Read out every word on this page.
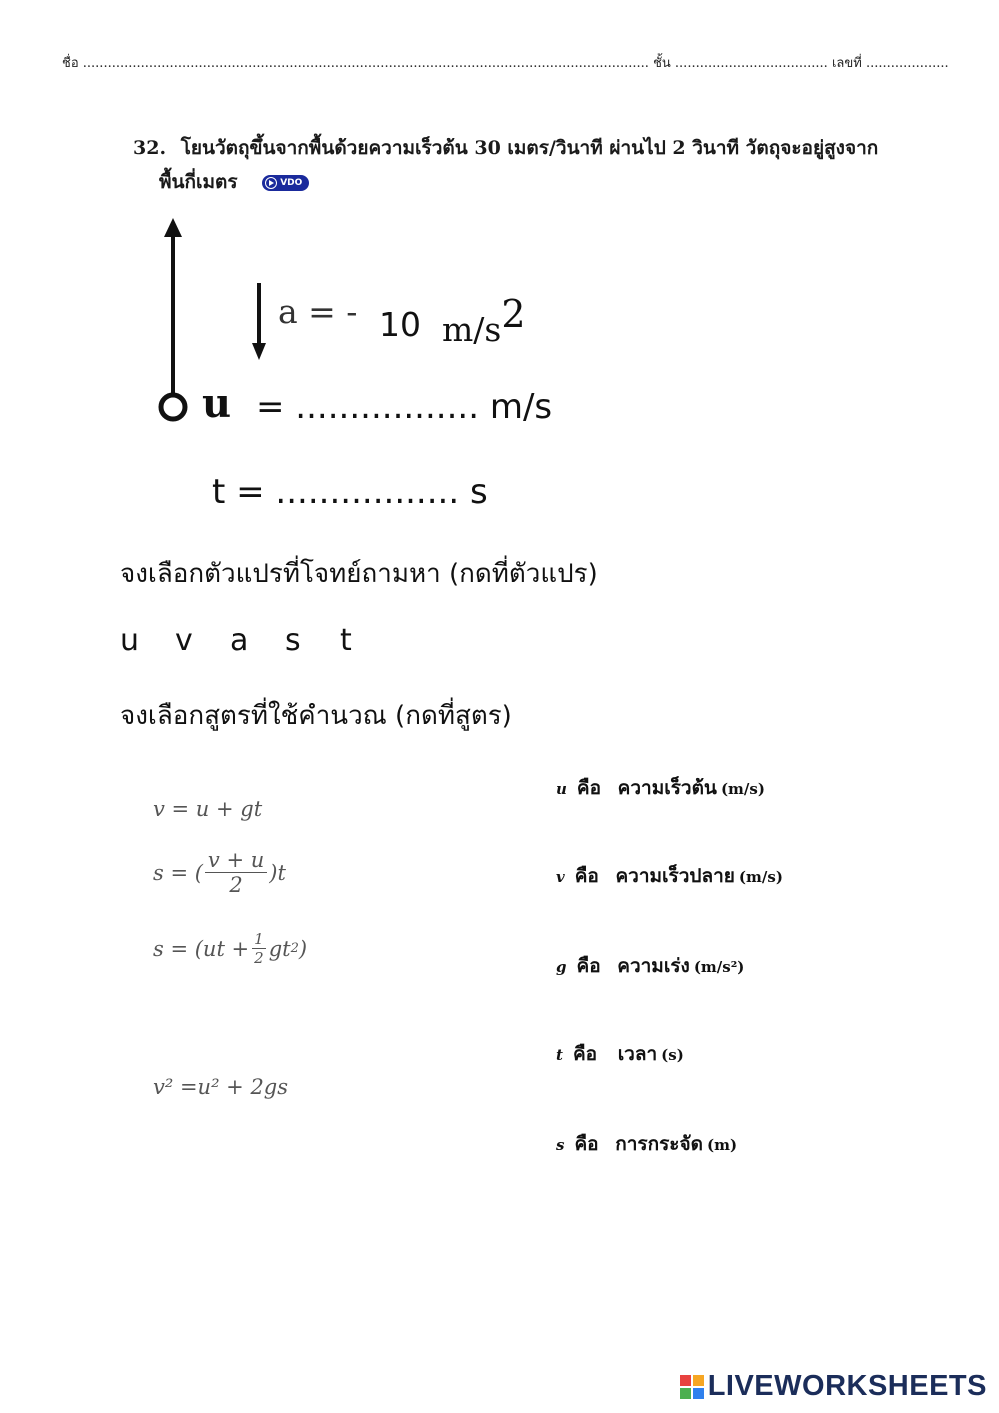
ชื่อ ......................................................................................................................................... ชั้น ..................................... เลขที่ ....................
32. โยนวัตถุขึ้นจากพื้นด้วยความเร็วต้น 30 เมตร/วินาที ผ่านไป 2 วินาที วัตถุจะอยู่สูงจาก
พื้นกี่เมตร	VDO
a = - 10 m/s2
u = ................. m/s
t = ................. s
จงเลือกตัวแปรที่โจทย์ถามหา (กดที่ตัวแปร)
u v a s t
จงเลือกสูตรที่ใช้คำนวณ (กดที่สูตร)
v = u + gt
s = ( $\frac{v + u}{2} )t$
$s = (ut + \frac{1}{2}$ gt 2 )
v² =u² + 2gs
u คือ ความเร็วต้น (m/s)
v คือ ความเร็วปลาย (m/s)
g คือ ความเร่ง (m/s²)
t คือ เวลา (s)
s คือ การกระจัด (m)
LIVEWORKSHEETS
